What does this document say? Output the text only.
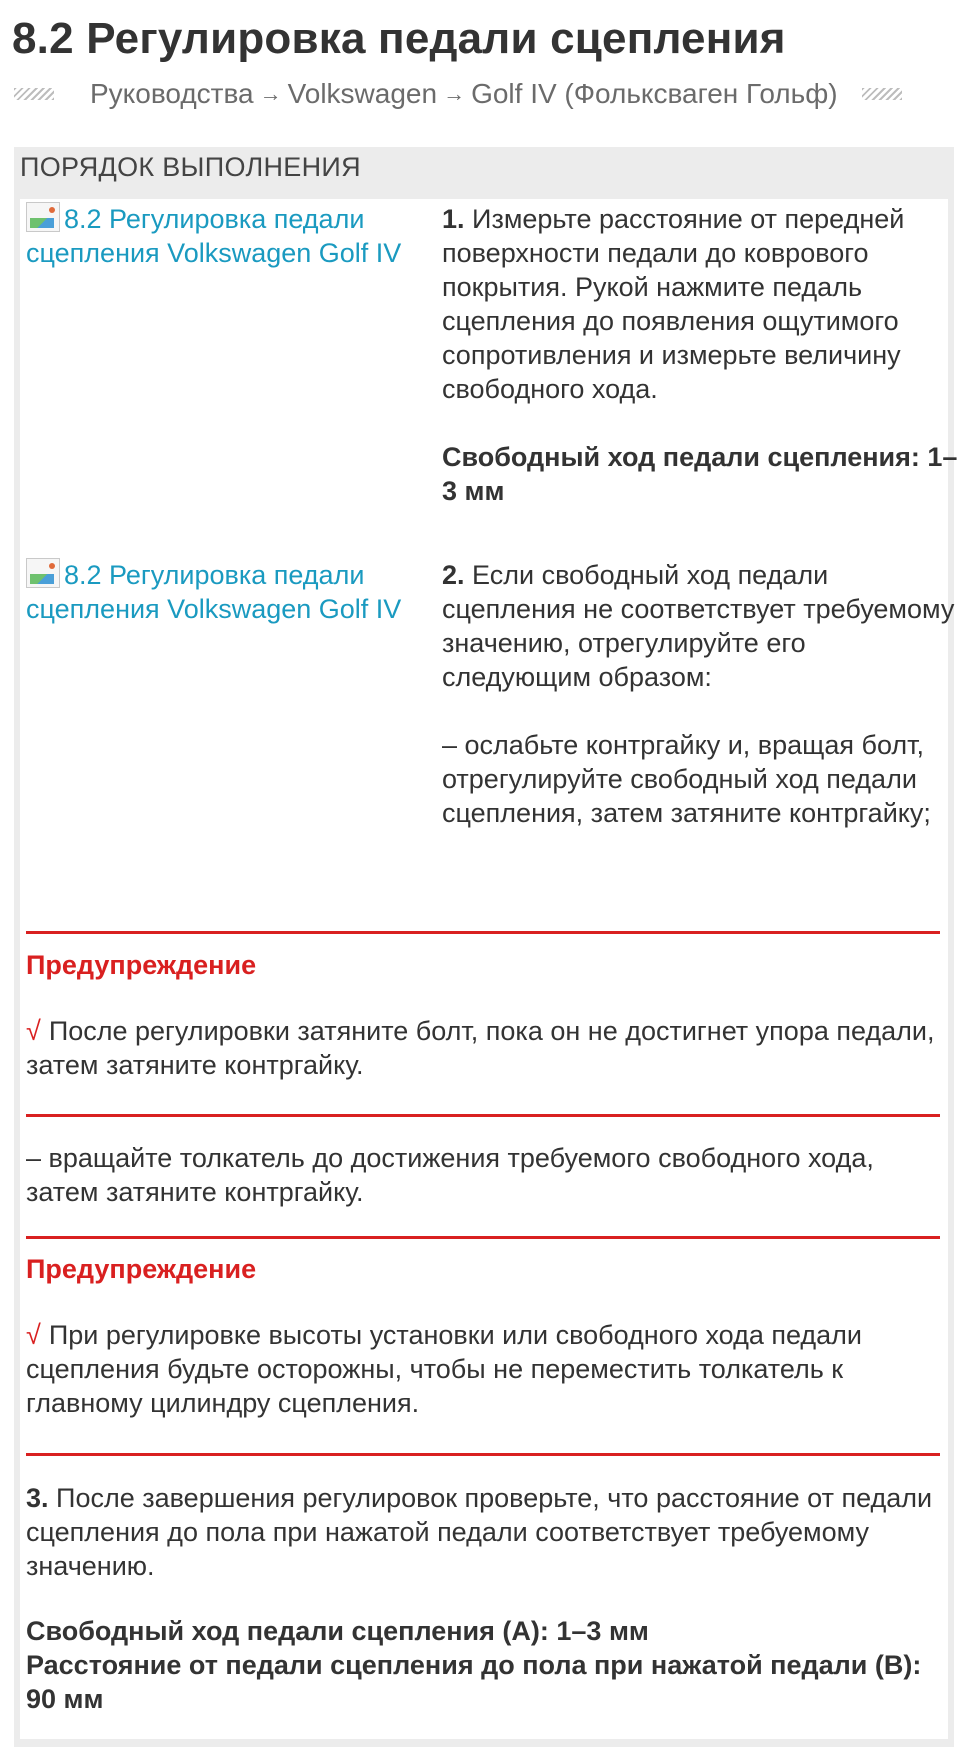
8.2 Регулировка педали сцепления
Руководства → Volkswagen → Golf IV (Фольксваген Гольф)
ПОРЯДОК ВЫПОЛНЕНИЯ
8.2 Регулировка педали сцепления Volkswagen Golf IV

1. Измерьте расстояние от передней поверхности педали до коврового покрытия. Рукой нажмите педаль сцепления до появления ощутимого сопротивления и измерьте величину свободного хода.

Свободный ход педали сцепления: 1–3 мм

8.2 Регулировка педали сцепления Volkswagen Golf IV

2. Если свободный ход педали сцепления не соответствует требуемому значению, отрегулируйте его следующим образом:

– ослабьте контргайку и, вращая болт, отрегулируйте свободный ход педали сцепления, затем затяните контргайку;

Предупреждение
√ После регулировки затяните болт, пока он не достигнет упора педали, затем затяните контргайку.
– вращайте толкатель до достижения требуемого свободного хода, затем затяните контргайку.
Предупреждение
√ При регулировке высоты установки или свободного хода педали сцепления будьте осторожны, чтобы не переместить толкатель к главному цилиндру сцепления.
3. После завершения регулировок проверьте, что расстояние от педали сцепления до пола при нажатой педали соответствует требуемому значению.
Свободный ход педали сцепления (А): 1–3 мм
Расстояние от педали сцепления до пола при нажатой педали (В): 90 мм
